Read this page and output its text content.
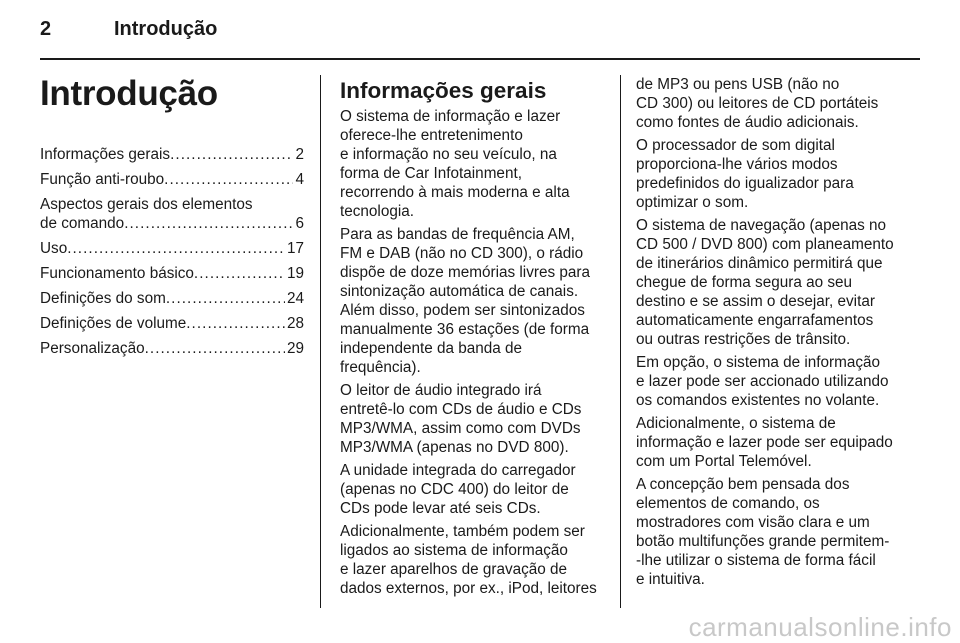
2	Introdução
Introdução
Informações gerais . . .	2
Função anti-roubo . . .	4
Aspectos gerais dos elementos
de comando . . .	6
Uso . . .	17
Funcionamento básico . . .	19
Definições do som . . .	24
Definições de volume . . .	28
Personalização . . .	29
Informações gerais
O sistema de informação e lazer
oferece-lhe entretenimento
e informação no seu veículo, na
forma de Car Infotainment,
recorrendo à mais moderna e alta
tecnologia.
Para as bandas de frequência AM,
FM e DAB (não no CD 300), o rádio
dispõe de doze memórias livres para
sintonização automática de canais.
Além disso, podem ser sintonizados
manualmente 36 estações (de forma
independente da banda de
frequência).
O leitor de áudio integrado irá
entretê-lo com CDs de áudio e CDs
MP3/WMA, assim como com DVDs
MP3/WMA (apenas no DVD 800).
A unidade integrada do carregador
(apenas no CDC 400) do leitor de
CDs pode levar até seis CDs.
Adicionalmente, também podem ser
ligados ao sistema de informação
e lazer aparelhos de gravação de
dados externos, por ex., iPod, leitores
de MP3 ou pens USB (não no
CD 300) ou leitores de CD portáteis
como fontes de áudio adicionais.
O processador de som digital
proporciona-lhe vários modos
predefinidos do igualizador para
optimizar o som.
O sistema de navegação (apenas no
CD 500 / DVD 800) com planeamento
de itinerários dinâmico permitirá que
chegue de forma segura ao seu
destino e se assim o desejar, evitar
automaticamente engarrafamentos
ou outras restrições de trânsito.
Em opção, o sistema de informação
e lazer pode ser accionado utilizando
os comandos existentes no volante.
Adicionalmente, o sistema de
informação e lazer pode ser equipado
com um Portal Telemóvel.
A concepção bem pensada dos
elementos de comando, os
mostradores com visão clara e um
botão multifunções grande permitem-
-lhe utilizar o sistema de forma fácil
e intuitiva.
carmanualsonline.info
